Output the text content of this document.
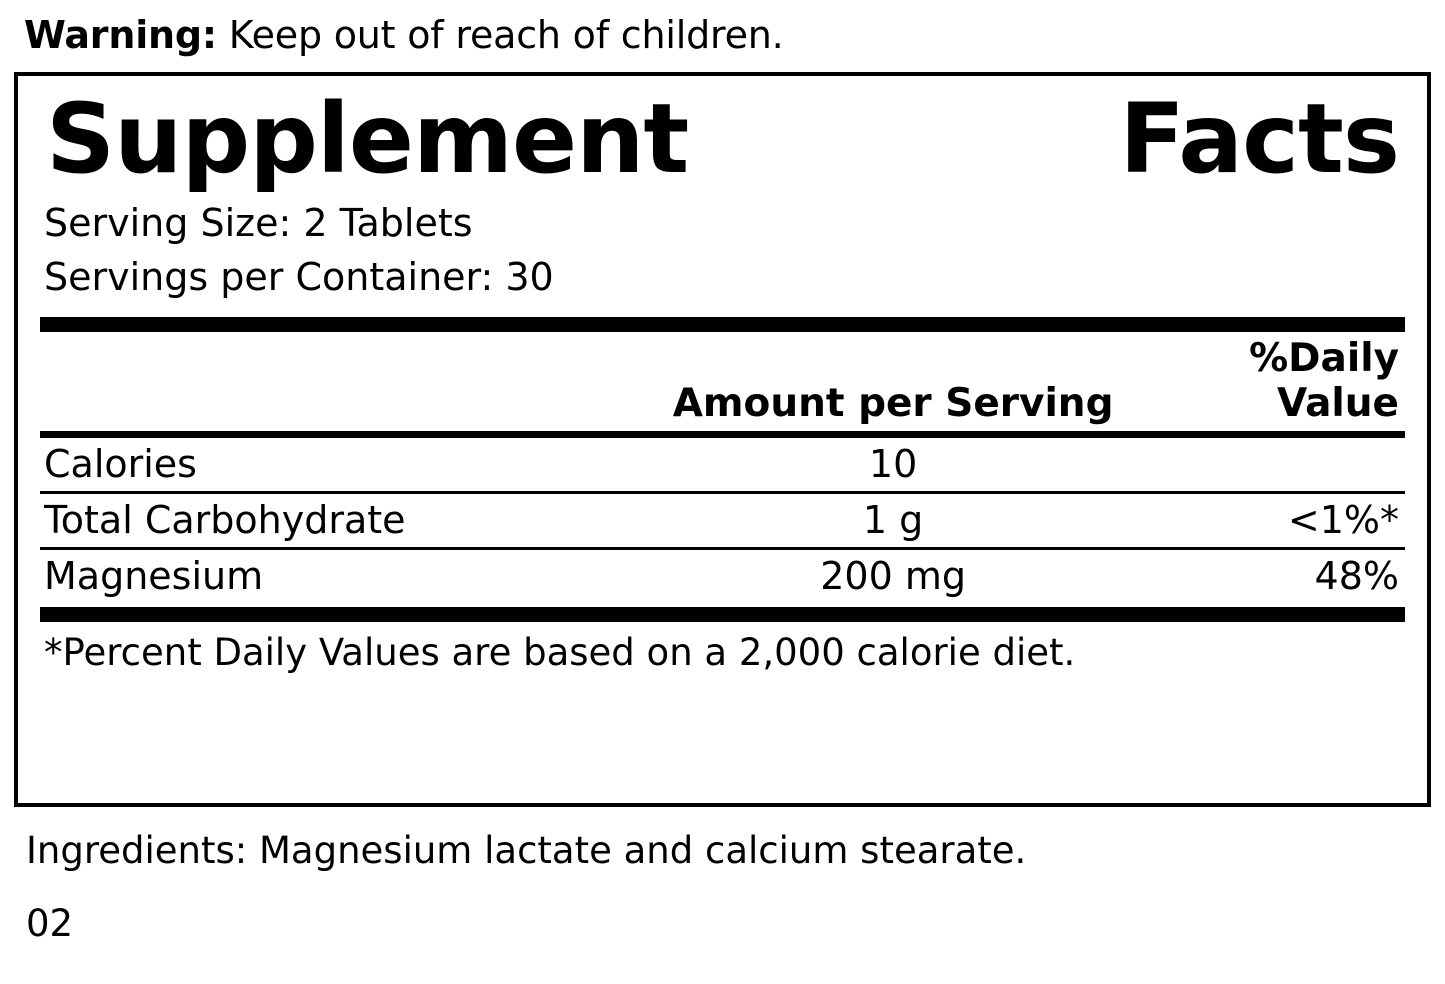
Warning: Keep out of reach of children.
Supplement	Facts
Serving Size: 2 Tablets
Servings per Container: 30
	Amount per Serving	%Daily Value
Calories	10	
Total Carbohydrate	1 g	<1%*
Magnesium	200 mg	48%
*Percent Daily Values are based on a 2,000 calorie diet.
Ingredients: Magnesium lactate and calcium stearate.
02
